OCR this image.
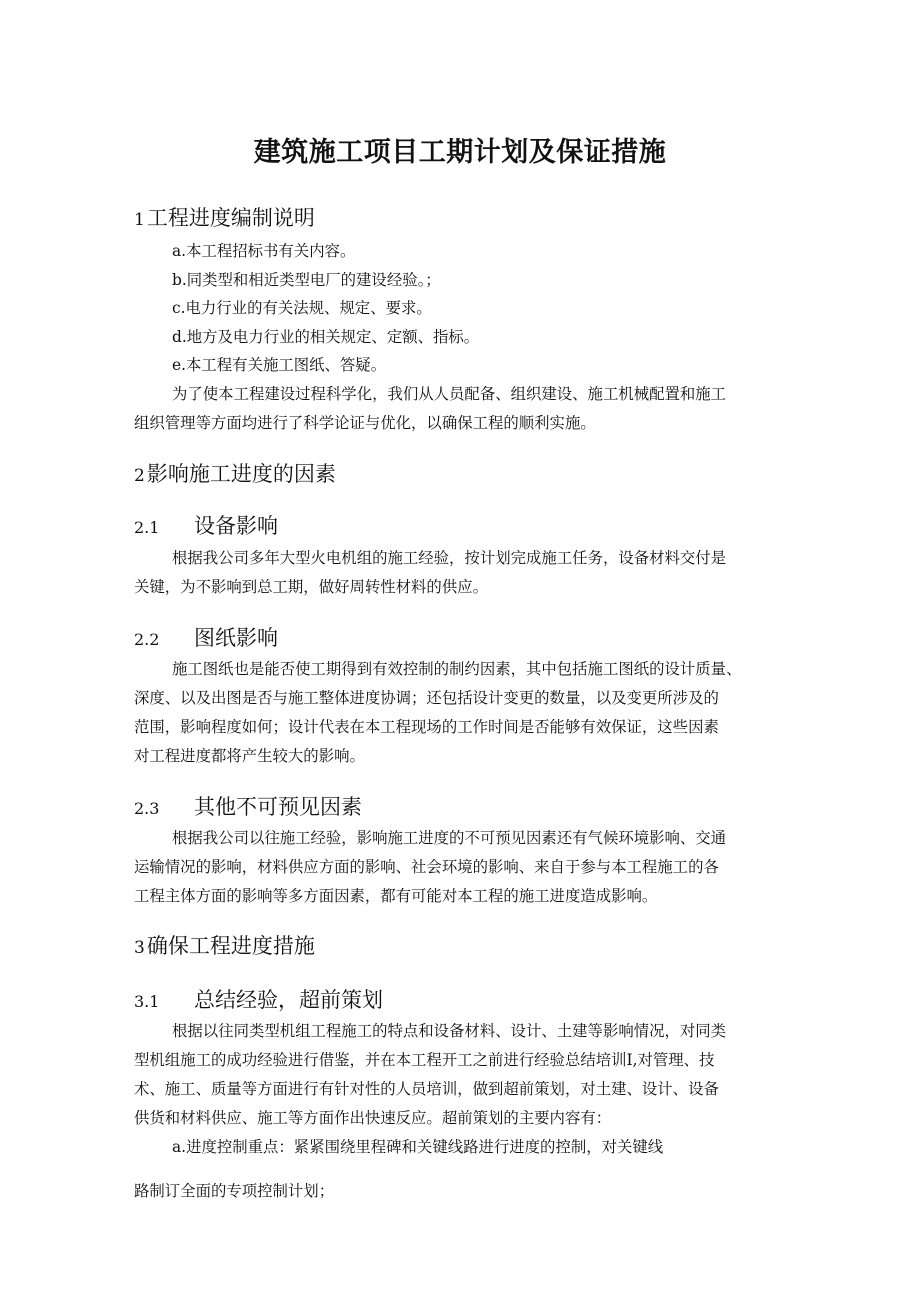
建筑施工项目工期计划及保证措施
1工程进度编制说明
a.本工程招标书有关内容。
b.同类型和相近类型电厂的建设经验。；
c.电力行业的有关法规、规定、要求。
d.地方及电力行业的相关规定、定额、指标。
e.本工程有关施工图纸、答疑。
为了使本工程建设过程科学化，我们从人员配备、组织建设、施工机械配置和施工
组织管理等方面均进行了科学论证与优化，以确保工程的顺利实施。
2影响施工进度的因素
2.1 设备影响
根据我公司多年大型火电机组的施工经验，按计划完成施工任务，设备材料交付是
关键，为不影响到总工期，做好周转性材料的供应。
2.2 图纸影响
施工图纸也是能否使工期得到有效控制的制约因素，其中包括施工图纸的设计质量、
深度、以及出图是否与施工整体进度协调；还包括设计变更的数量，以及变更所涉及的
范围，影响程度如何；设计代表在本工程现场的工作时间是否能够有效保证，这些因素
对工程进度都将产生较大的影响。
2.3 其他不可预见因素
根据我公司以往施工经验，影响施工进度的不可预见因素还有气候环境影响、交通
运输情况的影响，材料供应方面的影响、社会环境的影响、来自于参与本工程施工的各
工程主体方面的影响等多方面因素，都有可能对本工程的施工进度造成影响。
3确保工程进度措施
3.1 总结经验，超前策划
根据以往同类型机组工程施工的特点和设备材料、设计、土建等影响情况，对同类
型机组施工的成功经验进行借鉴，并在本工程开工之前进行经验总结培训I,对管理、技
术、施工、质量等方面进行有针对性的人员培训，做到超前策划，对土建、设计、设备
供货和材料供应、施工等方面作出快速反应。超前策划的主要内容有：
a.进度控制重点：紧紧围绕里程碑和关键线路进行进度的控制，对关键线
路制订全面的专项控制计划；
